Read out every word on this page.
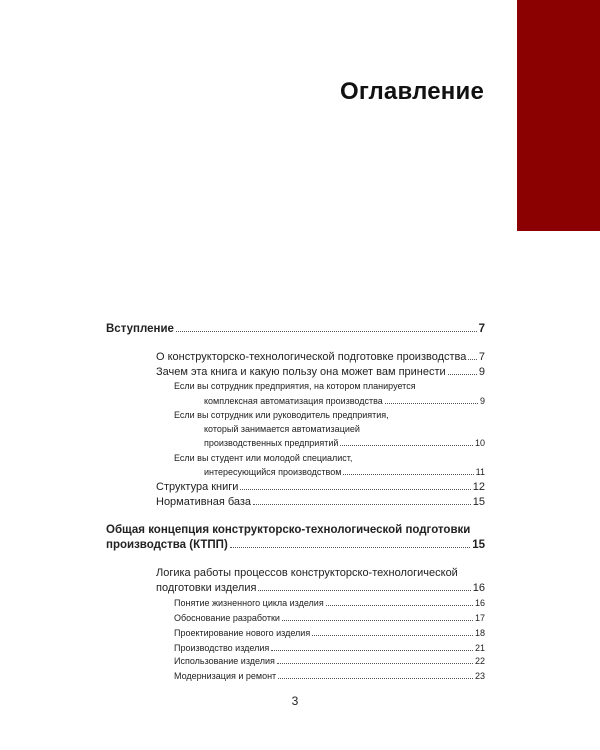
Оглавление
Вступление	7
О конструкторско-технологической подготовке производства 7
Зачем эта книга и какую пользу она может вам принести	9
Если вы сотрудник предприятия, на котором планируется
комплексная автоматизация производства	9
Если вы сотрудник или руководитель предприятия,
который занимается автоматизацией
производственных предприятий	10
Если вы студент или молодой специалист,
интересующийся производством	11
Структура книги	12
Нормативная база	15
Общая концепция конструкторско-технологической подготовки
производства (КТПП)	15
Логика работы процессов конструкторско-технологической
подготовки изделия	16
Понятие жизненного цикла изделия	16
Обоснование разработки	17
Проектирование нового изделия	18
Производство изделия	21
Использование изделия	22
Модернизация и ремонт	23
3
